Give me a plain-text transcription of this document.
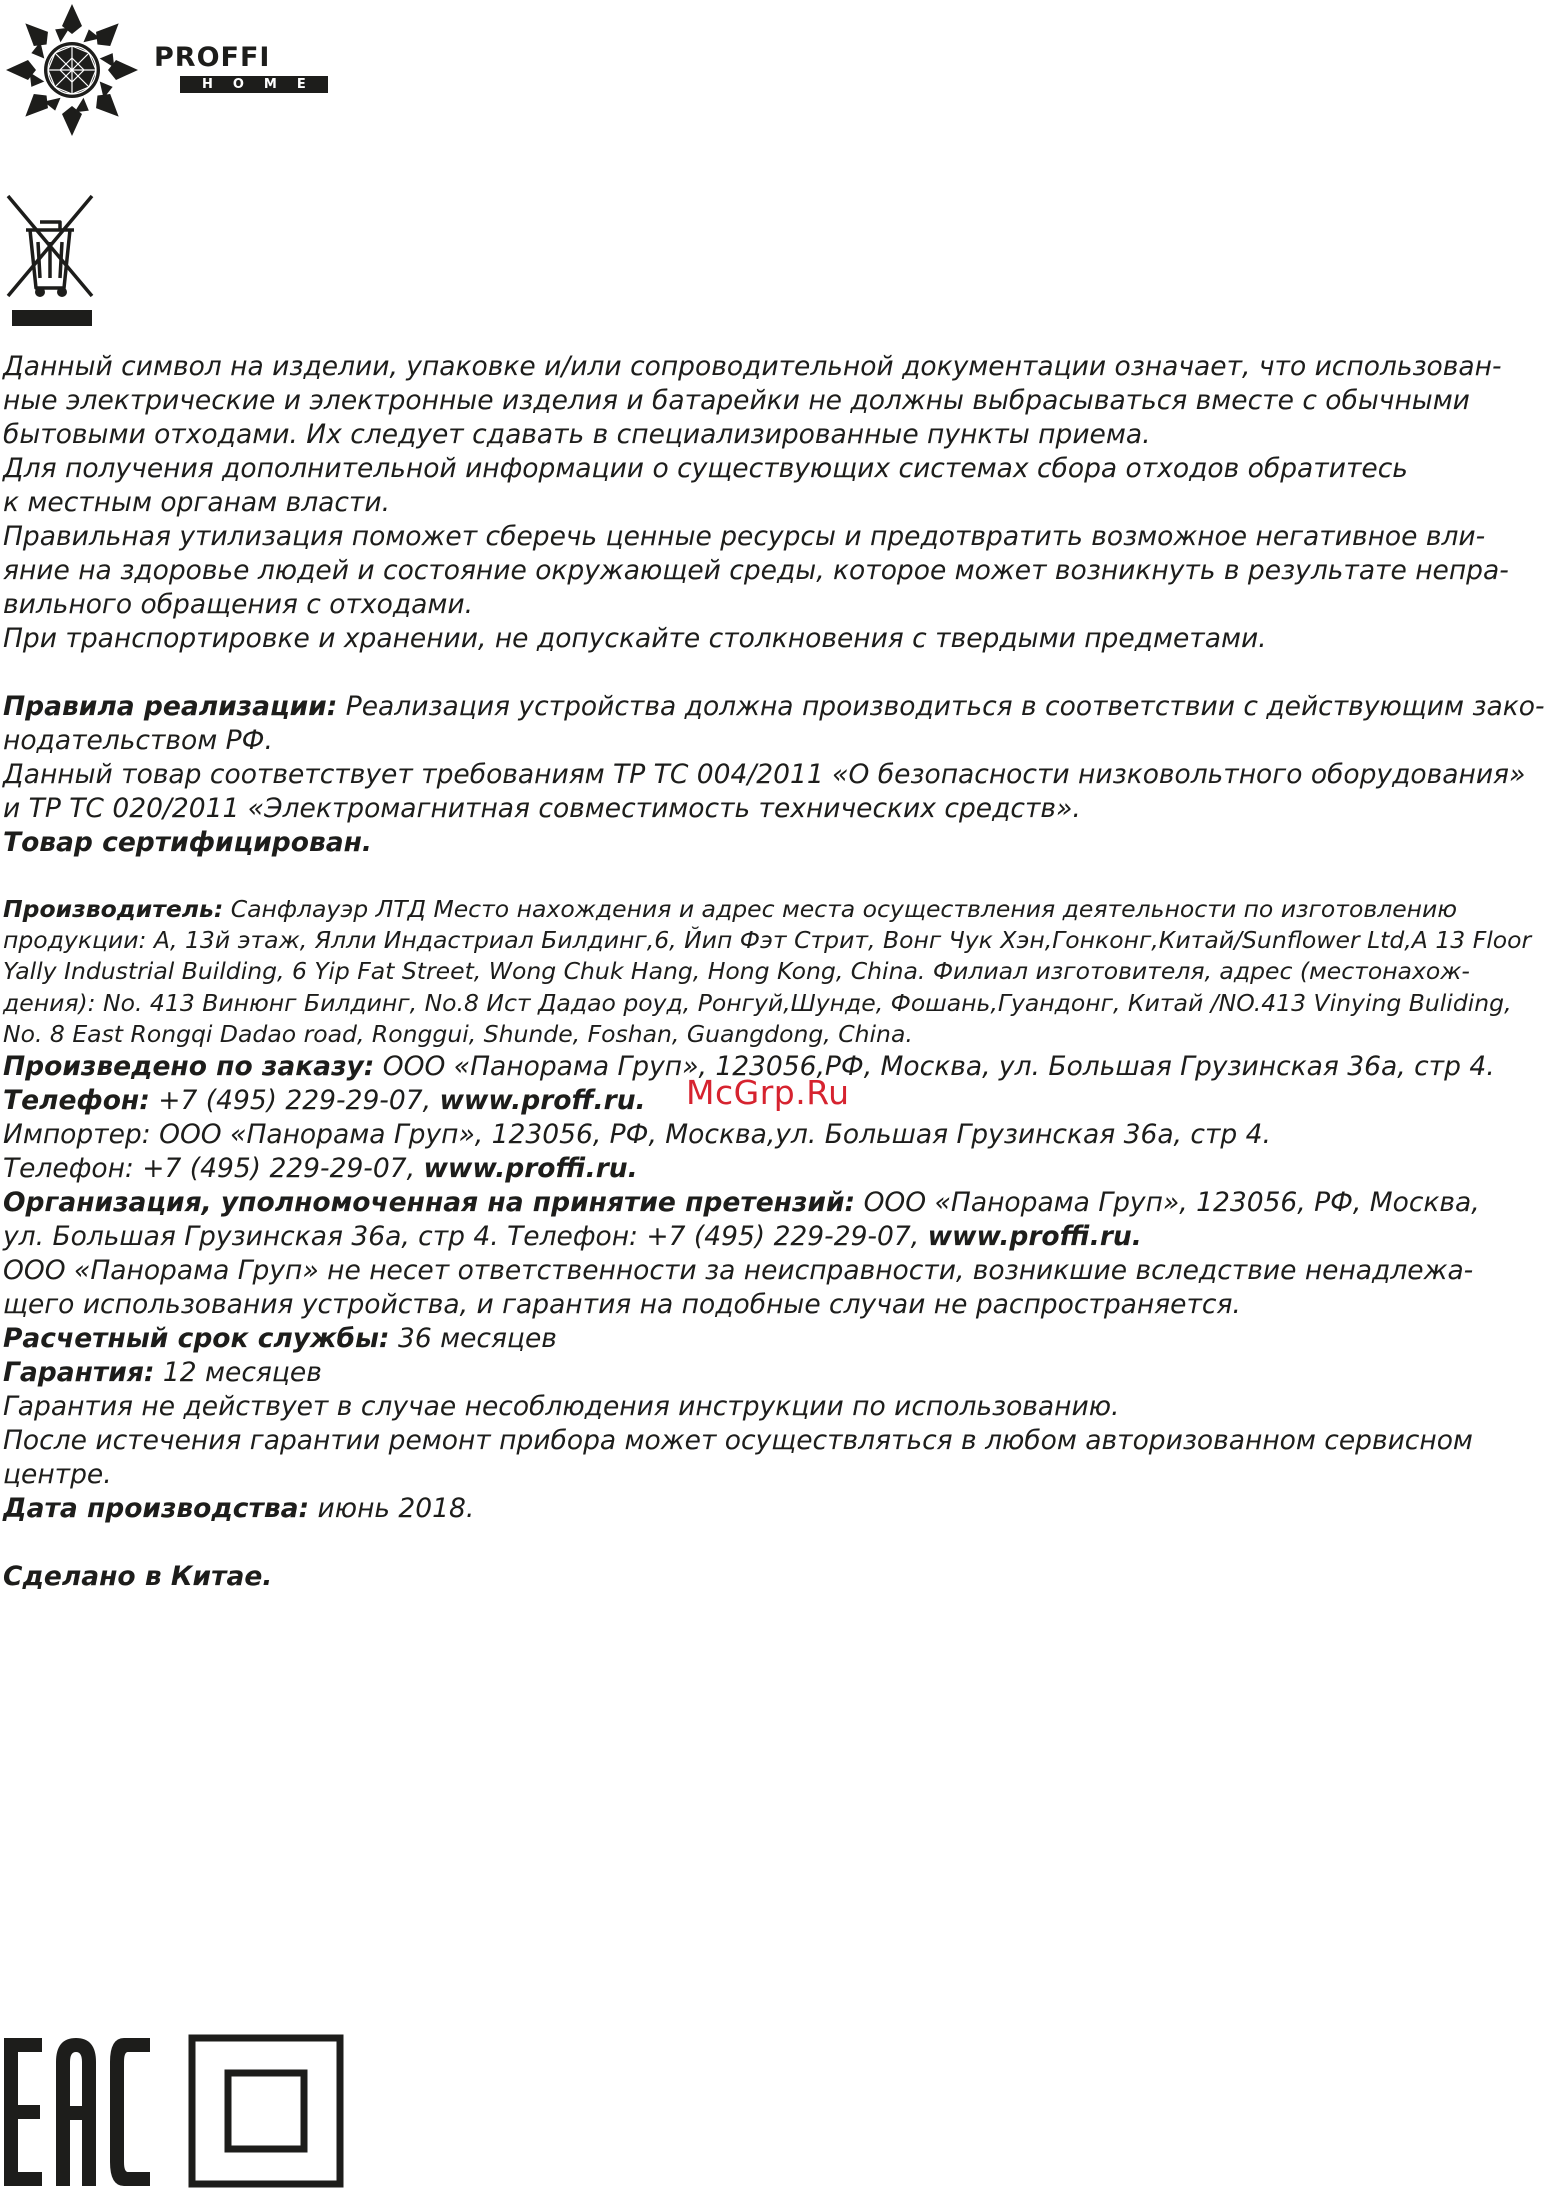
PROFFI
HOME

Данный символ на изделии, упаковке и/или сопроводительной документации означает, что использован-

ные электрические и электронные изделия и батарейки не должны выбрасываться вместе с обычными

бытовыми отходами. Их следует сдавать в специализированные пункты приема.

Для получения дополнительной информации о существующих системах сбора отходов обратитесь

к местным органам власти.

Правильная утилизация поможет сберечь ценные ресурсы и предотвратить возможное негативное вли-

яние на здоровье людей и состояние окружающей среды, которое может возникнуть в результате непра-

вильного обращения с отходами.

При транспортировке и хранении, не допускайте столкновения с твердыми предметами.

Правила реализации: Реализация устройства должна производиться в соответствии с действующим зако-

нодательством РФ.

Данный товар соответствует требованиям ТР ТС 004/2011 «О безопасности низковольтного оборудования»

и ТР ТС 020/2011 «Электромагнитная совместимость технических средств».

Товар сертифицирован.

Производитель: Санфлауэр ЛТД Место нахождения и адрес места осуществления деятельности по изготовлению

продукции: А, 13й этаж, Ялли Индастриал Билдинг,6, Йип Фэт Стрит, Вонг Чук Хэн,Гонконг,Китай/Sunflower Ltd,A 13 Floor

Yally Industrial Building, 6 Yip Fat Street, Wong Chuk Hang, Hong Kong, China. Филиал изготовителя, адрес (местонахож-

дения): No. 413 Винюнг Билдинг, No.8 Ист Дадао роуд, Ронгуй,Шунде, Фошань,Гуандонг, Китай /NO.413 Vinying Buliding,

No. 8 East Rongqi Dadao road, Ronggui, Shunde, Foshan, Guangdong, China.

Произведено по заказу: ООО «Панорама Груп», 123056,РФ, Москва, ул. Большая Грузинская 36а, стр 4.

Телефон: +7 (495) 229-29-07, www.proff.ru.

Импортер: ООО «Панорама Груп», 123056, РФ, Москва,ул. Большая Грузинская 36а, стр 4.

Телефон: +7 (495) 229-29-07, www.proffi.ru.

Организация, уполномоченная на принятие претензий: ООО «Панорама Груп», 123056, РФ, Москва,

ул. Большая Грузинская 36а, стр 4. Телефон: +7 (495) 229-29-07, www.proffi.ru.

ООО «Панорама Груп» не несет ответственности за неисправности, возникшие вследствие ненадлежа-

щего использования устройства, и гарантия на подобные случаи не распространяется.

Расчетный срок службы: 36 месяцев

Гарантия: 12 месяцев

Гарантия не действует в случае несоблюдения инструкции по использованию.

После истечения гарантии ремонт прибора может осуществляться в любом авторизованном сервисном

центре.

Дата производства: июнь 2018.

Сделано в Китае.

McGrp.Ru
